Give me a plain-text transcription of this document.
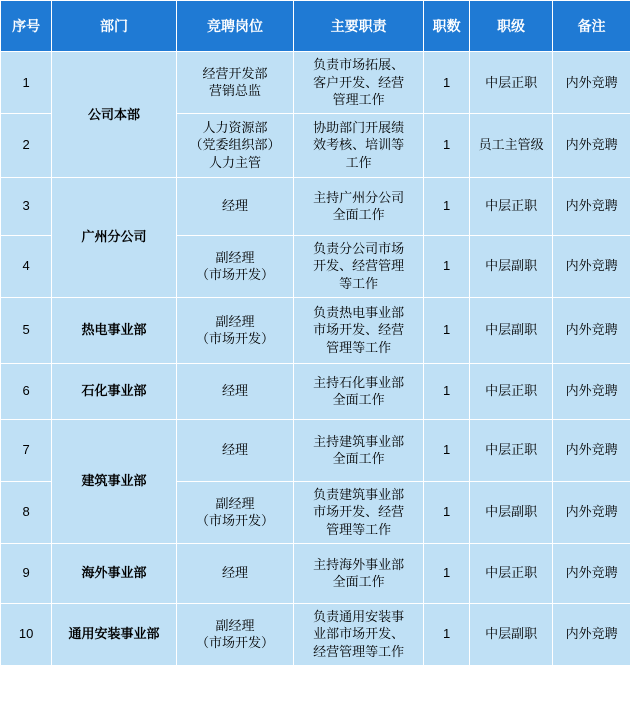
序号	部门	竞聘岗位	主要职责	职数	职级	备注
1	公司本部	经营开发部
营销总监	负责市场拓展、
客户开发、经营
管理工作	1	中层正职	内外竞聘
2		人力资源部
（党委组织部）
人力主管	协助部门开展绩
效考核、培训等
工作	1	员工主管级	内外竞聘
3	广州分公司	经理	主持广州分公司
全面工作	1	中层正职	内外竞聘
4		副经理
（市场开发）	负责分公司市场
开发、经营管理
等工作	1	中层副职	内外竞聘
5	热电事业部	副经理
（市场开发）	负责热电事业部
市场开发、经营
管理等工作	1	中层副职	内外竞聘
6	石化事业部	经理	主持石化事业部
全面工作	1	中层正职	内外竞聘
7	建筑事业部	经理	主持建筑事业部
全面工作	1	中层正职	内外竞聘
8		副经理
（市场开发）	负责建筑事业部
市场开发、经营
管理等工作	1	中层副职	内外竞聘
9	海外事业部	经理	主持海外事业部
全面工作	1	中层正职	内外竞聘
10	通用安装事业部	副经理
（市场开发）	负责通用安装事
业部市场开发、
经营管理等工作	1	中层副职	内外竞聘
